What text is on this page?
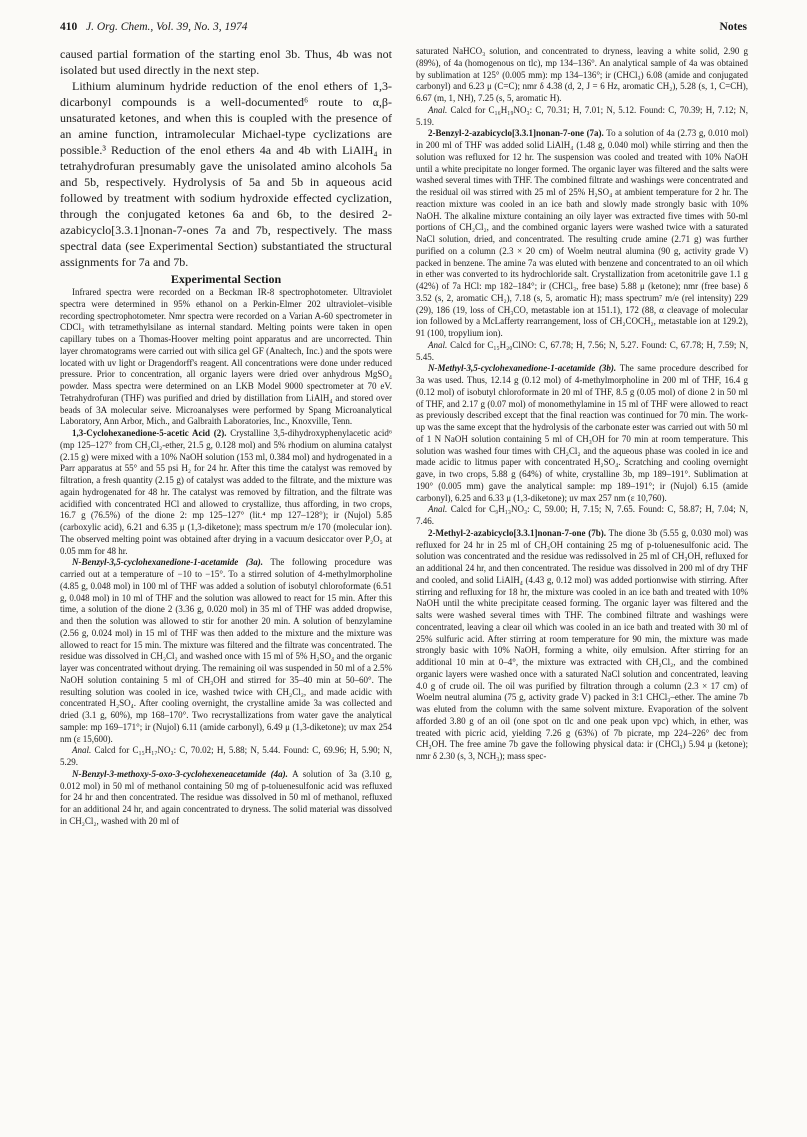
410 J. Org. Chem., Vol. 39, No. 3, 1974	Notes

caused partial formation of the starting enol 3b. Thus, 4b was not isolated but used directly in the next step.

Lithium aluminum hydride reduction of the enol ethers of 1,3-dicarbonyl compounds is a well-documented⁶ route to α,β-unsaturated ketones, and when this is coupled with the presence of an amine function, intramolecular Michael-type cyclizations are possible.³ Reduction of the enol ethers 4a and 4b with LiAlH₄ in tetrahydrofuran presumably gave the unisolated amino alcohols 5a and 5b, respectively. Hydrolysis of 5a and 5b in aqueous acid followed by treatment with sodium hydroxide effected cyclization, through the conjugated ketones 6a and 6b, to the desired 2-azabicyclo[3.3.1]nonan-7-ones 7a and 7b, respectively. The mass spectral data (see Experimental Section) substantiated the structural assignments for 7a and 7b.

Experimental Section

Infrared spectra were recorded on a Beckman IR-8 spectrophotometer. Ultraviolet spectra were determined in 95% ethanol on a Perkin-Elmer 202 ultraviolet–visible recording spectrophotometer. Nmr spectra were recorded on a Varian A-60 spectrometer in CDCl₃ with tetramethylsilane as internal standard. Melting points were taken in open capillary tubes on a Thomas-Hoover melting point apparatus and are uncorrected. Thin layer chromatograms were carried out with silica gel GF (Analtech, Inc.) and the spots were located with uv light or Dragendorff's reagent. All concentrations were done under reduced pressure. Prior to concentration, all organic layers were dried over anhydrous MgSO₄ powder. Mass spectra were determined on an LKB Model 9000 spectrometer at 70 eV. Tetrahydrofuran (THF) was purified and dried by distillation from LiAlH₄ and stored over beads of 3A molecular seive. Microanalyses were performed by Spang Microanalytical Laboratory, Ann Arbor, Mich., and Galbraith Laboratories, Inc., Knoxville, Tenn.

1,3-Cyclohexanedione-5-acetic Acid (2). Crystalline 3,5-dihydroxyphenylacetic acid⁶ (mp 125–127° from CH₂Cl₂-ether, 21.5 g, 0.128 mol) and 5% rhodium on alumina catalyst (2.15 g) were mixed with a 10% NaOH solution (153 ml, 0.384 mol) and hydrogenated in a Parr apparatus at 55° and 55 psi H₂ for 24 hr. After this time the catalyst was removed by filtration, a fresh quantity (2.15 g) of catalyst was added to the filtrate, and the mixture was again hydrogenated for 48 hr. The catalyst was removed by filtration, and the filtrate was acidified with concentrated HCl and allowed to crystallize, thus affording, in two crops, 16.7 g (76.5%) of the dione 2: mp 125–127° (lit.⁴ mp 127–128°); ir (Nujol) 5.85 (carboxylic acid), 6.21 and 6.35 μ (1,3-diketone); mass spectrum m/e 170 (molecular ion). The observed melting point was obtained after drying in a vacuum desiccator over P₂O₅ at 0.05 mm for 48 hr.

N-Benzyl-3,5-cyclohexanedione-1-acetamide (3a). The following procedure was carried out at a temperature of −10 to −15°. To a stirred solution of 4-methylmorpholine (4.85 g, 0.048 mol) in 100 ml of THF was added a solution of isobutyl chloroformate (6.51 g, 0.048 mol) in 10 ml of THF and the solution was allowed to react for 15 min. After this time, a solution of the dione 2 (3.36 g, 0.020 mol) in 35 ml of THF was added dropwise, and then the solution was allowed to stir for another 20 min. A solution of benzylamine (2.56 g, 0.024 mol) in 15 ml of THF was then added to the mixture and the mixture was allowed to react for 15 min. The mixture was filtered and the filtrate was concentrated. The residue was dissolved in CH₂Cl₂ and washed once with 15 ml of 5% H₂SO₄ and the organic layer was concentrated without drying. The remaining oil was suspended in 50 ml of a 2.5% NaOH solution containing 5 ml of CH₃OH and stirred for 35–40 min at 50–60°. The resulting solution was cooled in ice, washed twice with CH₂Cl₂, and made acidic with concentrated H₂SO₄. After cooling overnight, the crystalline amide 3a was collected and dried (3.1 g, 60%), mp 168–170°. Two recrystallizations from water gave the analytical sample: mp 169–171°; ir (Nujol) 6.11 (amide carbonyl), 6.49 μ (1,3-diketone); uv max 254 nm (ε 15,600).

Anal. Calcd for C₁₅H₁₇NO₃: C, 70.02; H, 5.88; N, 5.44. Found: C, 69.96; H, 5.90; N, 5.29.

N-Benzyl-3-methoxy-5-oxo-3-cyclohexeneacetamide (4a). A solution of 3a (3.10 g, 0.012 mol) in 50 ml of methanol containing 50 mg of p-toluenesulfonic acid was refluxed for 24 hr and then concentrated. The residue was dissolved in 50 ml of methanol, refluxed for an additional 24 hr, and again concentrated to dryness. The solid material was dissolved in CH₂Cl₂, washed with 20 ml of

saturated NaHCO₃ solution, and concentrated to dryness, leaving a white solid, 2.90 g (89%), of 4a (homogenous on tlc), mp 134–136°. An analytical sample of 4a was obtained by sublimation at 125° (0.005 mm): mp 134–136°; ir (CHCl₃) 6.08 (amide and conjugated carbonyl) and 6.23 μ (C=C); nmr δ 4.38 (d, 2, J = 6 Hz, aromatic CH₂), 5.28 (s, 1, C=CH), 6.67 (m, 1, NH), 7.25 (s, 5, aromatic H).

Anal. Calcd for C₁₆H₁₉NO₃: C, 70.31; H, 7.01; N, 5.12. Found: C, 70.39; H, 7.12; N, 5.19.

2-Benzyl-2-azabicyclo[3.3.1]nonan-7-one (7a). To a solution of 4a (2.73 g, 0.010 mol) in 200 ml of THF was added solid LiAlH₄ (1.48 g, 0.040 mol) while stirring and then the solution was refluxed for 12 hr. The suspension was cooled and treated with 10% NaOH until a white precipitate no longer formed. The organic layer was filtered and the salts were washed several times with THF. The combined filtrate and washings were concentrated and the residual oil was stirred with 25 ml of 25% H₂SO₄ at ambient temperature for 2 hr. The reaction mixture was cooled in an ice bath and slowly made strongly basic with 10% NaOH. The alkaline mixture containing an oily layer was extracted five times with 50-ml portions of CH₂Cl₂, and the combined organic layers were washed twice with a saturated NaCl solution, dried, and concentrated. The resulting crude amine (2.71 g) was further purified on a column (2.3 × 20 cm) of Woelm neutral alumina (90 g, activity grade V) packed in benzene. The amine 7a was eluted with benzene and concentrated to an oil which in ether was converted to its hydrochloride salt. Crystallization from acetonitrile gave 1.1 g (42%) of 7a HCl: mp 182–184°; ir (CHCl₃, free base) 5.88 μ (ketone); nmr (free base) δ 3.52 (s, 2, aromatic CH₂), 7.18 (s, 5, aromatic H); mass spectrum⁷ m/e (rel intensity) 229 (29), 186 (19, loss of CH₃CO, metastable ion at 151.1), 172 (88, α cleavage of molecular ion followed by a McLafferty rearrangement, loss of CH₂COCH₂, metastable ion at 129.2), 91 (100, tropylium ion).

Anal. Calcd for C₁₅H₂₀ClNO: C, 67.78; H, 7.56; N, 5.27. Found: C, 67.78; H, 7.59; N, 5.45.

N-Methyl-3,5-cyclohexanedione-1-acetamide (3b). The same procedure described for 3a was used. Thus, 12.14 g (0.12 mol) of 4-methylmorpholine in 200 ml of THF, 16.4 g (0.12 mol) of isobutyl chloroformate in 20 ml of THF, 8.5 g (0.05 mol) of dione 2 in 50 ml of THF, and 2.17 g (0.07 mol) of monomethylamine in 15 ml of THF were allowed to react as previously described except that the final reaction was continued for 70 min. The work-up was the same except that the hydrolysis of the carbonate ester was carried out with 50 ml of 1 N NaOH solution containing 5 ml of CH₃OH for 70 min at room temperature. This solution was washed four times with CH₂Cl₂ and the aqueous phase was cooled in ice and made acidic to litmus paper with concentrated H₂SO₄. Scratching and cooling overnight gave, in two crops, 5.88 g (64%) of white, crystalline 3b, mp 189–191°. Sublimation at 190° (0.005 mm) gave the analytical sample: mp 189–191°; ir (Nujol) 6.15 (amide carbonyl), 6.25 and 6.33 μ (1,3-diketone); uv max 257 nm (ε 10,760).

Anal. Calcd for C₉H₁₃NO₃: C, 59.00; H, 7.15; N, 7.65. Found: C, 58.87; H, 7.04; N, 7.46.

2-Methyl-2-azabicyclo[3.3.1]nonan-7-one (7b). The dione 3b (5.55 g, 0.030 mol) was refluxed for 24 hr in 25 ml of CH₃OH containing 25 mg of p-toluenesulfonic acid. The solution was concentrated and the residue was redissolved in 25 ml of CH₃OH, refluxed for an additional 24 hr, and then concentrated. The residue was dissolved in 200 ml of dry THF and cooled, and solid LiAlH₄ (4.43 g, 0.12 mol) was added portionwise with stirring. After stirring and refluxing for 18 hr, the mixture was cooled in an ice bath and treated with 10% NaOH until the white precipitate ceased forming. The organic layer was filtered and the salts were washed several times with THF. The combined filtrate and washings were concentrated, leaving a clear oil which was cooled in an ice bath and treated with 30 ml of 25% sulfuric acid. After stirring at room temperature for 90 min, the mixture was made strongly basic with 10% NaOH, forming a white, oily emulsion. After stirring for an additional 10 min at 0–4°, the mixture was extracted with CH₂Cl₂, and the combined organic layers were washed once with a saturated NaCl solution and concentrated, leaving 4.0 g of crude oil. The oil was purified by filtration through a column (2.3 × 17 cm) of Woelm neutral alumina (75 g, activity grade V) packed in 3:1 CHCl₃–ether. The amine 7b was eluted from the column with the same solvent mixture. Evaporation of the solvent afforded 3.80 g of an oil (one spot on tlc and one peak upon vpc) which, in ether, was treated with picric acid, yielding 7.26 g (63%) of 7b picrate, mp 224–226° dec from CH₃OH. The free amine 7b gave the following physical data: ir (CHCl₃) 5.94 μ (ketone); nmr δ 2.30 (s, 3, NCH₃); mass spec-
